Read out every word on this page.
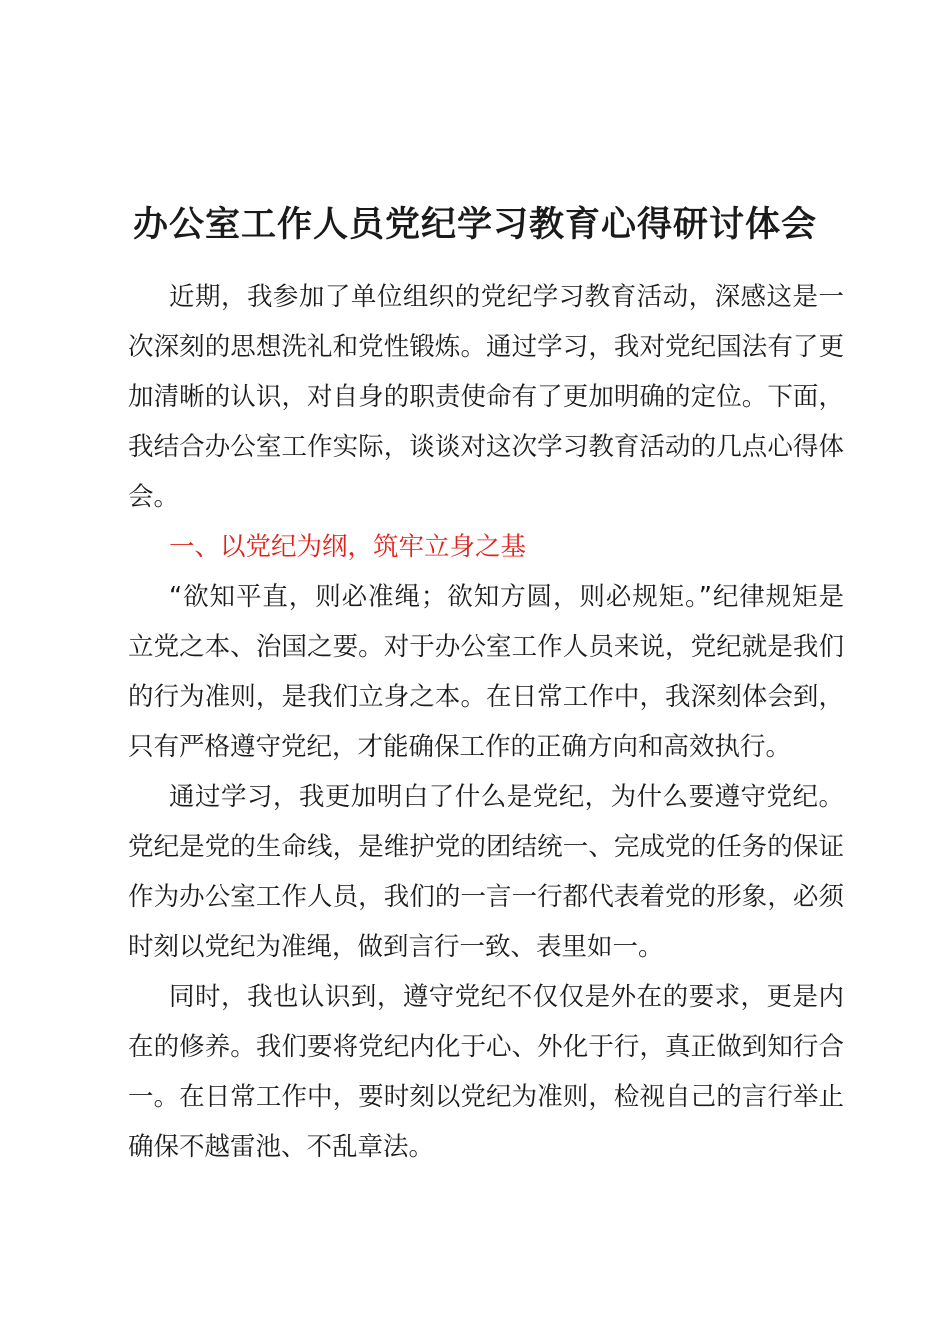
办公室工作人员党纪学习教育心得研讨体会

近期，我参加了单位组织的党纪学习教育活动，深感这是一次深刻的思想洗礼和党性锻炼。通过学习，我对党纪国法有了更加清晰的认识，对自身的职责使命有了更加明确的定位。下面，我结合办公室工作实际，谈谈对这次学习教育活动的几点心得体会。

一、以党纪为纲，筑牢立身之基

“欲知平直，则必准绳；欲知方圆，则必规矩。”纪律规矩是立党之本、治国之要。对于办公室工作人员来说，党纪就是我们的行为准则，是我们立身之本。在日常工作中，我深刻体会到，只有严格遵守党纪，才能确保工作的正确方向和高效执行。

通过学习，我更加明白了什么是党纪，为什么要遵守党纪。党纪是党的生命线，是维护党的团结统一、完成党的任务的保证作为办公室工作人员，我们的一言一行都代表着党的形象，必须时刻以党纪为准绳，做到言行一致、表里如一。

同时，我也认识到，遵守党纪不仅仅是外在的要求，更是内在的修养。我们要将党纪内化于心、外化于行，真正做到知行合一。在日常工作中，要时刻以党纪为准则，检视自己的言行举止确保不越雷池、不乱章法。
